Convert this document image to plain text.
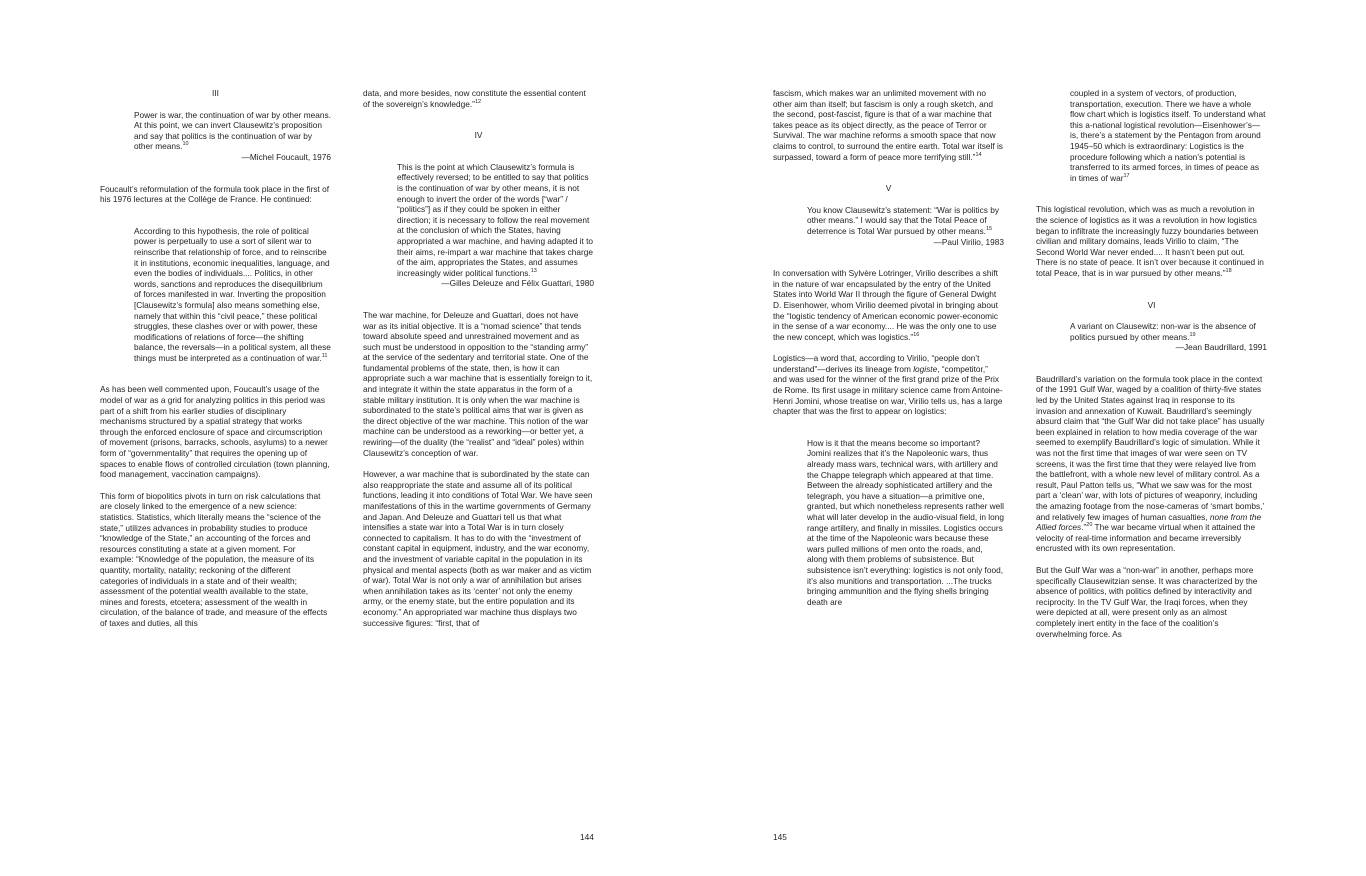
III
Power is war, the continuation of war by other means. At this point, we can invert Clausewitz’s proposition and say that politics is the continuation of war by other means.$^{10}$
—Michel Foucault, 1976

Foucault’s reformulation of the formula took place in the first of his 1976 lectures at the Collège de France. He continued:

According to this hypothesis, the role of political power is perpetually to use a sort of silent war to reinscribe that relationship of force, and to reinscribe it in institutions, economic inequalities, language, and even the bodies of individuals.... Politics, in other words, sanctions and reproduces the disequilibrium of forces manifested in war. Inverting the proposition [Clausewitz’s formula] also means something else, namely that within this “civil peace,” these political struggles, these clashes over or with power, these modifications of relations of force—the shifting balance, the reversals—in a political system, all these things must be interpreted as a continuation of war.$^{11}$

As has been well commented upon, Foucault’s usage of the model of war as a grid for analyzing politics in this period was part of a shift from his earlier studies of disciplinary mechanisms structured by a spatial strategy that works through the enforced enclosure of space and circumscription of movement (prisons, barracks, schools, asylums) to a newer form of “governmentality” that requires the opening up of spaces to enable flows of controlled circulation (town planning, food management, vaccination campaigns).

This form of biopolitics pivots in turn on risk calculations that are closely linked to the emergence of a new science: statistics. Statistics, which literally means the “science of the state,” utilizes advances in probability studies to produce “knowledge of the State,” an accounting of the forces and resources constituting a state at a given moment. For example: “Knowledge of the population, the measure of its quantity, mortality, natality; reckoning of the different categories of individuals in a state and of their wealth; assessment of the potential wealth available to the state, mines and forests, etcetera; assessment of the wealth in circulation, of the balance of trade, and measure of the effects of taxes and duties, all this

data, and more besides, now constitute the essential content of the sovereign’s knowledge.”$^{12}$

IV
This is the point at which Clausewitz’s formula is effectively reversed; to be entitled to say that politics is the continuation of war by other means, it is not enough to invert the order of the words [“war” / “politics”] as if they could be spoken in either direction; it is necessary to follow the real movement at the conclusion of which the States, having appropriated a war machine, and having adapted it to their aims, re-impart a war machine that takes charge of the aim, appropriates the States, and assumes increasingly wider political functions.$^{13}$
—Gilles Deleuze and Félix Guattari, 1980

The war machine, for Deleuze and Guattari, does not have war as its initial objective. It is a “nomad science” that tends toward absolute speed and unrestrained movement and as such must be understood in opposition to the “standing army” at the service of the sedentary and territorial state. One of the fundamental problems of the state, then, is how it can appropriate such a war machine that is essentially foreign to it, and integrate it within the state apparatus in the form of a stable military institution. It is only when the war machine is subordinated to the state’s political aims that war is given as the direct objective of the war machine. This notion of the war machine can be understood as a reworking—or better yet, a rewiring—of the duality (the “realist” and “ideal” poles) within Clausewitz’s conception of war.

However, a war machine that is subordinated by the state can also reappropriate the state and assume all of its political functions, leading it into conditions of Total War. We have seen manifestations of this in the wartime governments of Germany and Japan. And Deleuze and Guattari tell us that what intensifies a state war into a Total War is in turn closely connected to capitalism. It has to do with the “investment of constant capital in equipment, industry, and the war economy, and the investment of variable capital in the population in its physical and mental aspects (both as war maker and as victim of war). Total War is not only a war of annihilation but arises when annihilation takes as its ‘center’ not only the enemy army, or the enemy state, but the entire population and its economy.” An appropriated war machine thus displays two successive figures: “first, that of

fascism, which makes war an unlimited movement with no other aim than itself; but fascism is only a rough sketch, and the second, post-fascist, figure is that of a war machine that takes peace as its object directly, as the peace of Terror or Survival. The war machine reforms a smooth space that now claims to control, to surround the entire earth. Total war itself is surpassed, toward a form of peace more terrifying still.”$^{14}$

V
You know Clausewitz’s statement: “War is politics by other means.” I would say that the Total Peace of deterrence is Total War pursued by other means.$^{15}$
—Paul Virilio, 1983

In conversation with Sylvère Lotringer, Virilio describes a shift in the nature of war encapsulated by the entry of the United States into World War II through the figure of General Dwight D. Eisenhower, whom Virilio deemed pivotal in bringing about the “logistic tendency of American economic power-economic in the sense of a war economy.... He was the only one to use the new concept, which was logistics.”$^{16}$

Logistics—a word that, according to Virilio, “people don’t understand”—derives its lineage from logiste, “competitor,” and was used for the winner of the first grand prize of the Prix de Rome. Its first usage in military science came from Antoine-Henri Jomini, whose treatise on war, Virilio tells us, has a large chapter that was the first to appear on logistics:

How is it that the means become so important? Jomini realizes that it’s the Napoleonic wars, thus already mass wars, technical wars, with artillery and the Chappe telegraph which appeared at that time. Between the already sophisticated artillery and the telegraph, you have a situation—a primitive one, granted, but which nonetheless represents rather well what will later develop in the audio-visual field, in long range artillery, and finally in missiles. Logistics occurs at the time of the Napoleonic wars because these wars pulled millions of men onto the roads, and, along with them problems of subsistence. But subsistence isn’t everything: logistics is not only food, it’s also munitions and transportation. ...The trucks bringing ammunition and the flying shells bringing death are
coupled in a system of vectors, of production, transportation, execution. There we have a whole flow chart which is logistics itself. To understand what this a-national logistical revolution—Eisenhower’s—is, there’s a statement by the Pentagon from around 1945–50 which is extraordinary: Logistics is the procedure following which a nation’s potential is transferred to its armed forces, in times of peace as in times of war$^{17}$

This logistical revolution, which was as much a revolution in the science of logistics as it was a revolution in how logistics began to infiltrate the increasingly fuzzy boundaries between civilian and military domains, leads Virilio to claim, “The Second World War never ended.... It hasn’t been put out. There is no state of peace. It isn’t over because it continued in total Peace, that is in war pursued by other means.”$^{18}$

VI
A variant on Clausewitz: non-war is the absence of politics pursued by other means.$^{19}$
—Jean Baudrillard, 1991

Baudrillard’s variation on the formula took place in the context of the 1991 Gulf War, waged by a coalition of thirty-five states led by the United States against Iraq in response to its invasion and annexation of Kuwait. Baudrillard’s seemingly absurd claim that “the Gulf War did not take place” has usually been explained in relation to how media coverage of the war seemed to exemplify Baudrillard’s logic of simulation. While it was not the first time that images of war were seen on TV screens, it was the first time that they were relayed live from the battlefront, with a whole new level of military control. As a result, Paul Patton tells us, “What we saw was for the most part a ‘clean’ war, with lots of pictures of weaponry, including the amazing footage from the nose-cameras of ‘smart bombs,’ and relatively few images of human casualties, none from the Allied forces.”$^{20}$ The war became virtual when it attained the velocity of real-time information and became irreversibly encrusted with its own representation.

But the Gulf War was a “non-war” in another, perhaps more specifically Clausewitzian sense. It was characterized by the absence of politics, with politics defined by interactivity and reciprocity. In the TV Gulf War, the Iraqi forces, when they were depicted at all, were present only as an almost completely inert entity in the face of the coalition’s overwhelming force. As

144	145
